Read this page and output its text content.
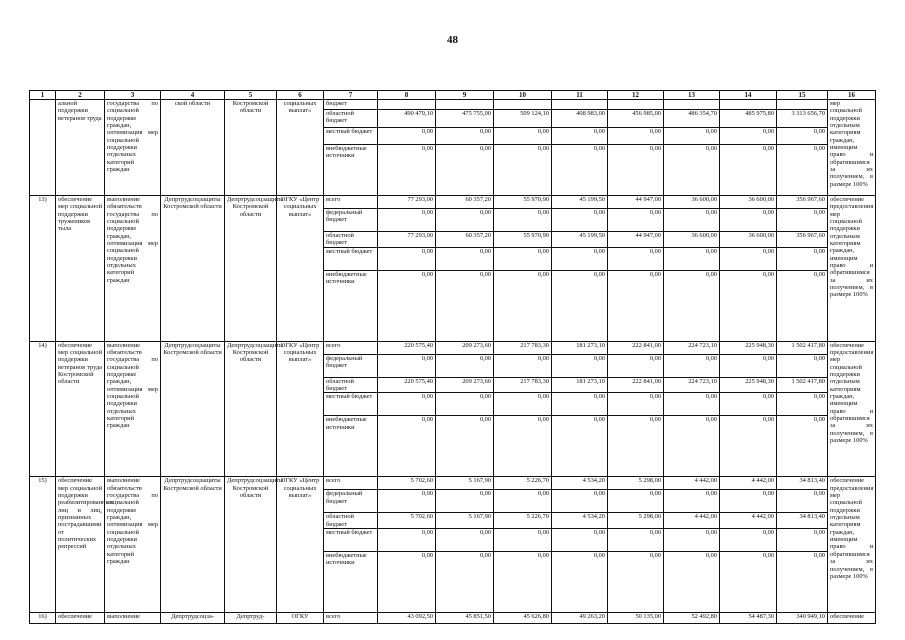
48
1	2	3	4	5	6	7	8	9	10	11	12	13	14	15	16
	альной поддержки ветеранов труда	государства по социальной поддержке граждан, оптимизация мер социальной поддержки отдельных категорий граждан	ской области	Костромской области	социальных выплат»	бюджет									мер социальной поддержки отдельным категориям граждан, имеющим право и обратившимся за их получением, в размере 100%
						областной бюджет	490 479,10	475 755,00	509 124,10	408 983,00	456 985,00	486 354,70	485 975,80	3 313 656,70	
						местный бюджет	0,00	0,00	0,00	0,00	0,00	0,00	0,00	0,00	
						внебюджетные источники	0,00	0,00	0,00	0,00	0,00	0,00	0,00	0,00	
13)	обеспечение мер социальной поддержки тружеников тыла	выполнение обязательств государства по социальной поддержке граждан, оптимизация мер социальной поддержки отдельных категорий граждан	Депртрудсоцзащиты Костромской области	Депртрудсоцзащиты Костромской области	ОГКУ «Центр социальных выплат»	всего	77 293,00	60 357,20	55 970,90	45 199,50	44 947,00	36 600,00	36 600,00	356 967,60	обеспечение предоставления мер социальной поддержки отдельным категориям граждан, имеющим право и обратившимся за их получением, в размере 100%
						федеральный бюджет	0,00	0,00	0,00	0,00	0,00	0,00	0,00	0,00	
						областной бюджет	77 293,00	60 357,20	55 970,90	45 199,50	44 947,00	36 600,00	36 600,00	356 967,60	
						местный бюджет	0,00	0,00	0,00	0,00	0,00	0,00	0,00	0,00	
						внебюджетные источники	0,00	0,00	0,00	0,00	0,00	0,00	0,00	0,00	
14)	обеспечение мер социальной поддержки ветеранов труда Костромской области	выполнение обязательств государства по социальной поддержке граждан, оптимизация мер социальной поддержки отдельных категорий граждан	Депртрудсоцзащиты Костромской области	Депртрудсоцзащиты Костромской области	ОГКУ «Центр социальных выплат»	всего	220 575,40	209 273,60	217 783,30	181 273,10	222 841,00	224 723,10	225 948,30	1 502 417,80	обеспечение предоставления мер социальной поддержки отдельным категориям граждан, имеющим право и обратившимся за их получением, в размере 100%
						федеральный бюджет	0,00	0,00	0,00	0,00	0,00	0,00	0,00	0,00	
						областной бюджет	220 575,40	209 273,60	217 783,30	181 273,10	222 841,00	224 723,10	225 948,30	1 502 417,80	
						местный бюджет	0,00	0,00	0,00	0,00	0,00	0,00	0,00	0,00	
						внебюджетные источники	0,00	0,00	0,00	0,00	0,00	0,00	0,00	0,00	
15)	обеспечение мер социальной поддержки реабилитированных лиц и лиц, признанных пострадавшими от политических репрессий	выполнение обязательств государства по социальной поддержке граждан, оптимизация мер социальной поддержки отдельных категорий граждан	Депртрудсоцзащиты Костромской области	Депртрудсоцзащиты Костромской области	ОГКУ «Центр социальных выплат»	всего	5 702,60	5 167,90	5 226,70	4 534,20	5 298,00	4 442,00	4 442,00	34 813,40	обеспечение предоставления мер социальной поддержки отдельным категориям граждан, имеющим право и обратившимся за их получением, в размере 100%
						федеральный бюджет	0,00	0,00	0,00	0,00	0,00	0,00	0,00	0,00	
						областной бюджет	5 702,60	5 167,90	5 226,70	4 534,20	5 298,00	4 442,00	4 442,00	34 813,40	
						местный бюджет	0,00	0,00	0,00	0,00	0,00	0,00	0,00	0,00	
						внебюджетные источники	0,00	0,00	0,00	0,00	0,00	0,00	0,00	0,00	
16)	обеспечение	выполнение	Депртрудсоцза-	Депртруд-	ОГКУ	всего	43 092,50	45 851,50	45 626,80	49 263,20	50 135,00	52 492,80	54 487,30	340 949,10	обеспечение
